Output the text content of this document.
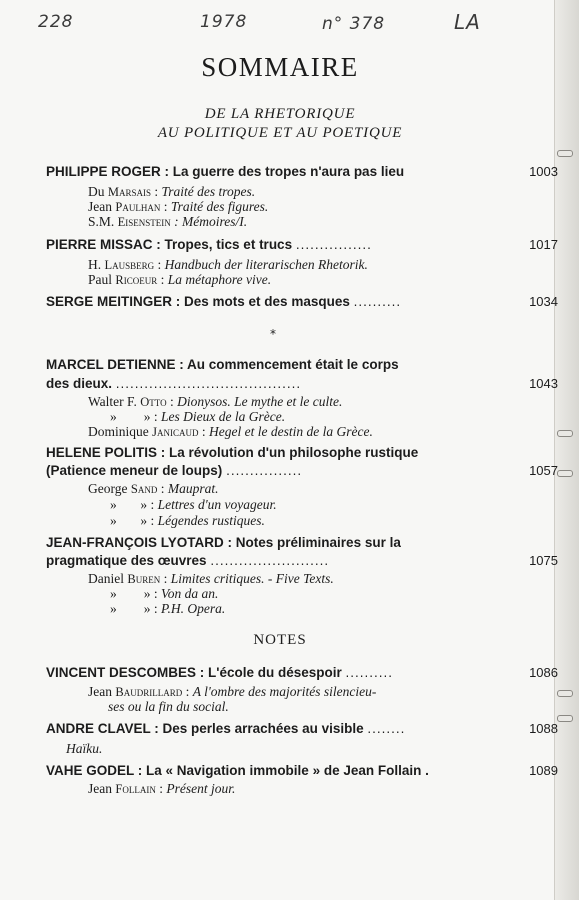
228	1978	n° 378	LA
SOMMAIRE
DE LA RHETORIQUE
AU POLITIQUE ET AU POETIQUE
PHILIPPE ROGER : La guerre des tropes n'aura pas lieu	1003
Du Marsais : Traité des tropes.
Jean Paulhan : Traité des figures.
S.M. Eisenstein : Mémoires/I.
PIERRE MISSAC : Tropes, tics et trucs ................	1017
H. Lausberg : Handbuch der literarischen Rhetorik.
Paul Ricoeur : La métaphore vive.
SERGE MEITINGER : Des mots et des masques ..........	1034
*
MARCEL DETIENNE : Au commencement était le corps
des dieux. .......................................	1043
Walter F. Otto : Dionysos. Le mythe et le culte.
» » : Les Dieux de la Grèce.
Dominique Janicaud : Hegel et le destin de la Grèce.
HELENE POLITIS : La révolution d'un philosophe rustique
(Patience meneur de loups) ................	1057
George Sand : Mauprat.
» » : Lettres d'un voyageur.
» » : Légendes rustiques.
JEAN-FRANÇOIS LYOTARD : Notes préliminaires sur la
pragmatique des œuvres .........................	1075
Daniel Buren : Limites critiques. - Five Texts.
» » : Von da an.
» » : P.H. Opera.
NOTES
VINCENT DESCOMBES : L'école du désespoir ..........	1086
Jean Baudrillard : A l'ombre des majorités silencieu-
ses ou la fin du social.
ANDRE CLAVEL : Des perles arrachées au visible ........	1088
Haïku.
VAHE GODEL : La « Navigation immobile » de Jean Follain .	1089
Jean Follain : Présent jour.
